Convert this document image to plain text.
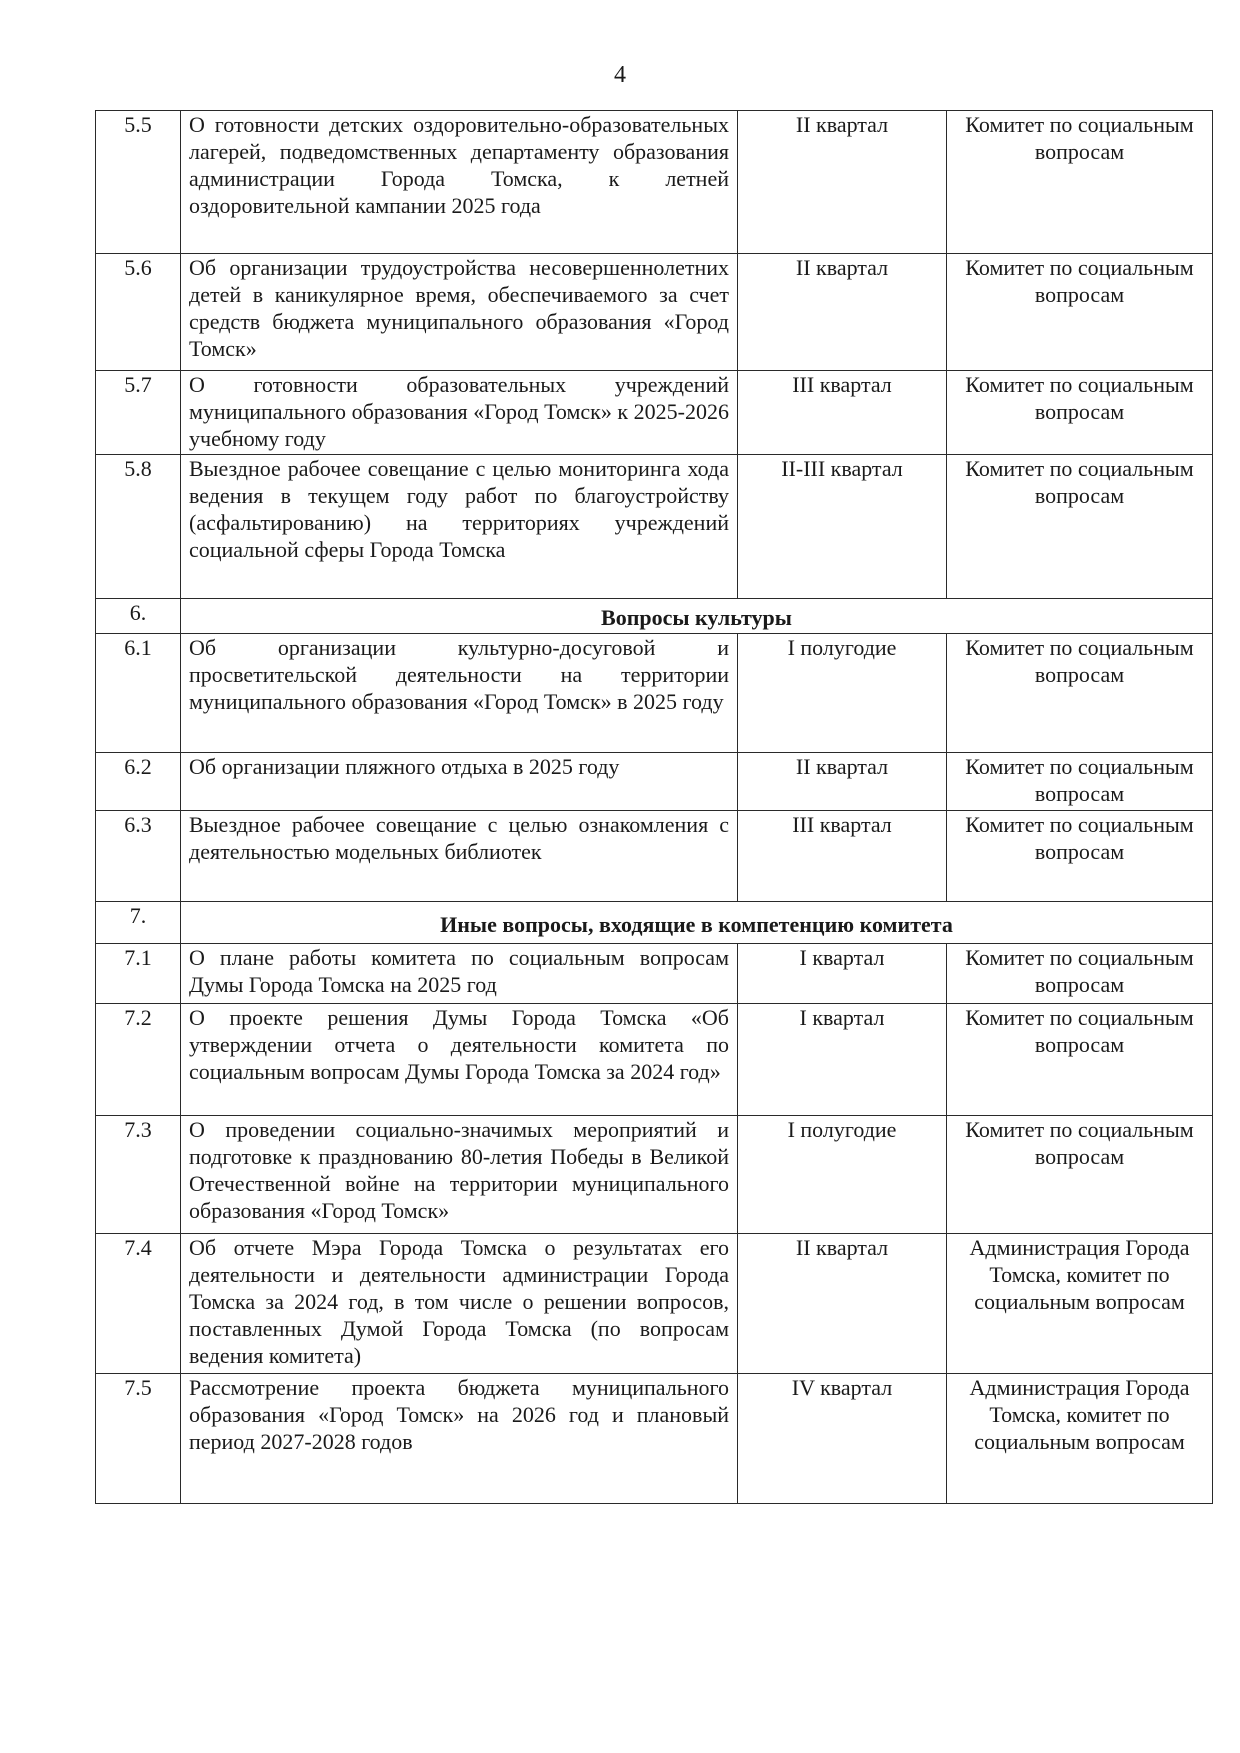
4
5.5	О готовности детских оздоровительно-образовательных лагерей, подведомственных департаменту образования администрации Города Томска, к летней оздоровительной кампании 2025 года	II квартал	Комитет по социальным вопросам
5.6	Об организации трудоустройства несовершеннолетних детей в каникулярное время, обеспечиваемого за счет средств бюджета муниципального образования «Город Томск»	II квартал	Комитет по социальным вопросам
5.7	О готовности образовательных учреждений муниципального образования «Город Томск» к 2025-2026 учебному году	III квартал	Комитет по социальным вопросам
5.8	Выездное рабочее совещание с целью мониторинга хода ведения в текущем году работ по благоустройству (асфальтированию) на территориях учреждений социальной сферы Города Томска	II-III квартал	Комитет по социальным вопросам
6.	Вопросы культуры		
6.1	Об организации культурно-досуговой и просветительской деятельности на территории муниципального образования «Город Томск» в 2025 году	I полугодие	Комитет по социальным вопросам
6.2	Об организации пляжного отдыха в 2025 году	II квартал	Комитет по социальным вопросам
6.3	Выездное рабочее совещание с целью ознакомления с деятельностью модельных библиотек	III квартал	Комитет по социальным вопросам
7.	Иные вопросы, входящие в компетенцию комитета		
7.1	О плане работы комитета по социальным вопросам Думы Города Томска на 2025 год	I квартал	Комитет по социальным вопросам
7.2	О проекте решения Думы Города Томска «Об утверждении отчета о деятельности комитета по социальным вопросам Думы Города Томска за 2024 год»	I квартал	Комитет по социальным вопросам
7.3	О проведении социально-значимых мероприятий и подготовке к празднованию 80-летия Победы в Великой Отечественной войне на территории муниципального образования «Город Томск»	I полугодие	Комитет по социальным вопросам
7.4	Об отчете Мэра Города Томска о результатах его деятельности и деятельности администрации Города Томска за 2024 год, в том числе о решении вопросов, поставленных Думой Города Томска (по вопросам ведения комитета)	II квартал	Администрация Города Томска, комитет по социальным вопросам
7.5	Рассмотрение проекта бюджета муниципального образования «Город Томск» на 2026 год и плановый период 2027-2028 годов	IV квартал	Администрация Города Томска, комитет по социальным вопросам
